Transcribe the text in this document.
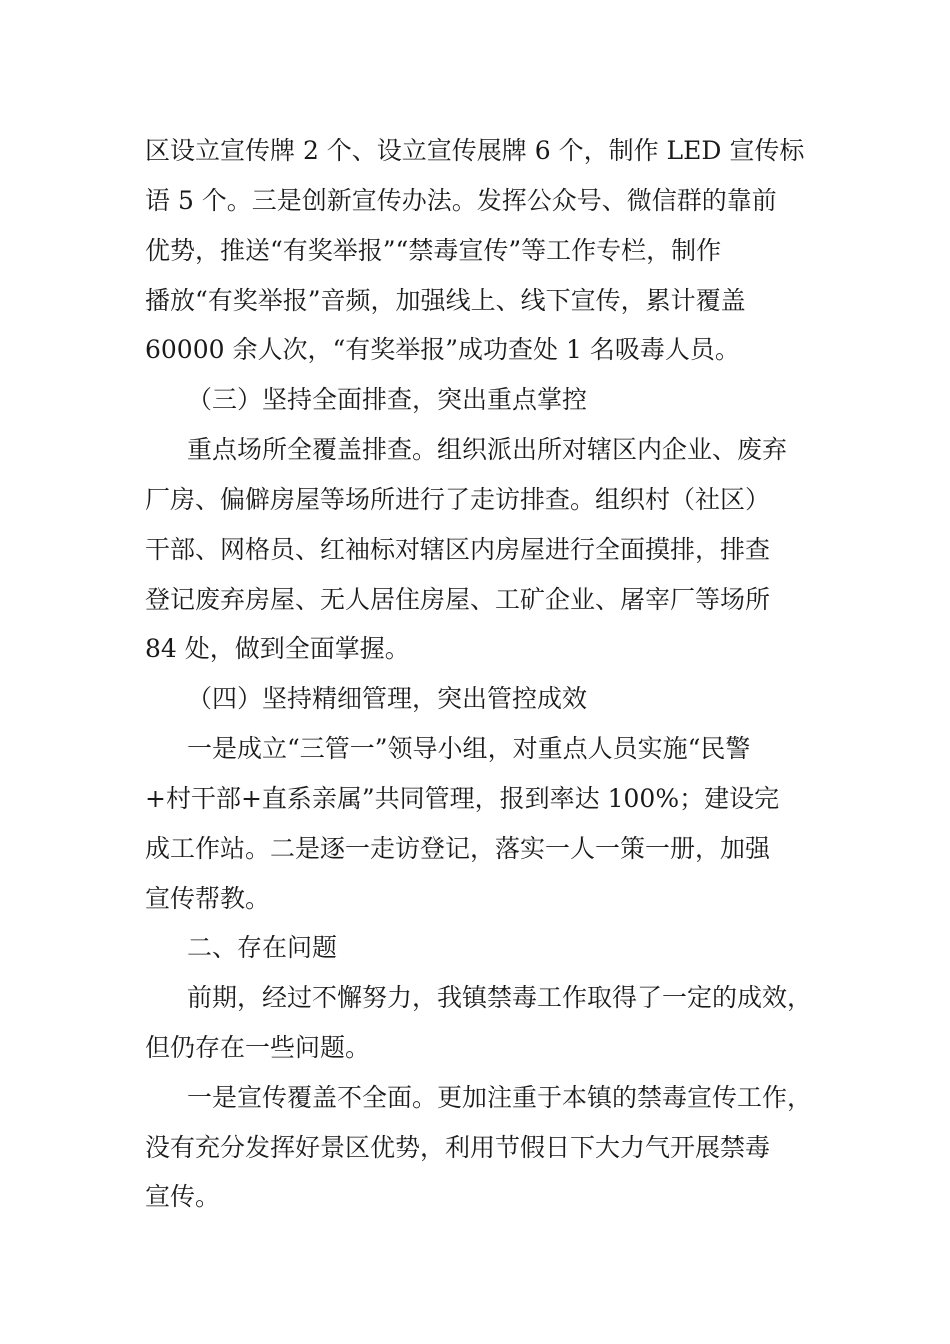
区设立宣传牌 2 个、设立宣传展牌 6 个，制作 LED 宣传标

语 5 个。三是创新宣传办法。发挥公众号、微信群的靠前

优势，推送“有奖举报”“禁毒宣传”等工作专栏，制作

播放“有奖举报”音频，加强线上、线下宣传，累计覆盖

60000 余人次，“有奖举报”成功查处 1 名吸毒人员。

（三）坚持全面排查，突出重点掌控

重点场所全覆盖排查。组织派出所对辖区内企业、废弃

厂房、偏僻房屋等场所进行了走访排查。组织村（社区）

干部、网格员、红袖标对辖区内房屋进行全面摸排，排查

登记废弃房屋、无人居住房屋、工矿企业、屠宰厂等场所

84 处，做到全面掌握。

（四）坚持精细管理，突出管控成效

一是成立“三管一”领导小组，对重点人员实施“民警

+村干部+直系亲属”共同管理，报到率达 100%；建设完

成工作站。二是逐一走访登记，落实一人一策一册，加强

宣传帮教。

二、存在问题

前期，经过不懈努力，我镇禁毒工作取得了一定的成效，

但仍存在一些问题。

一是宣传覆盖不全面。更加注重于本镇的禁毒宣传工作，

没有充分发挥好景区优势，利用节假日下大力气开展禁毒

宣传。
